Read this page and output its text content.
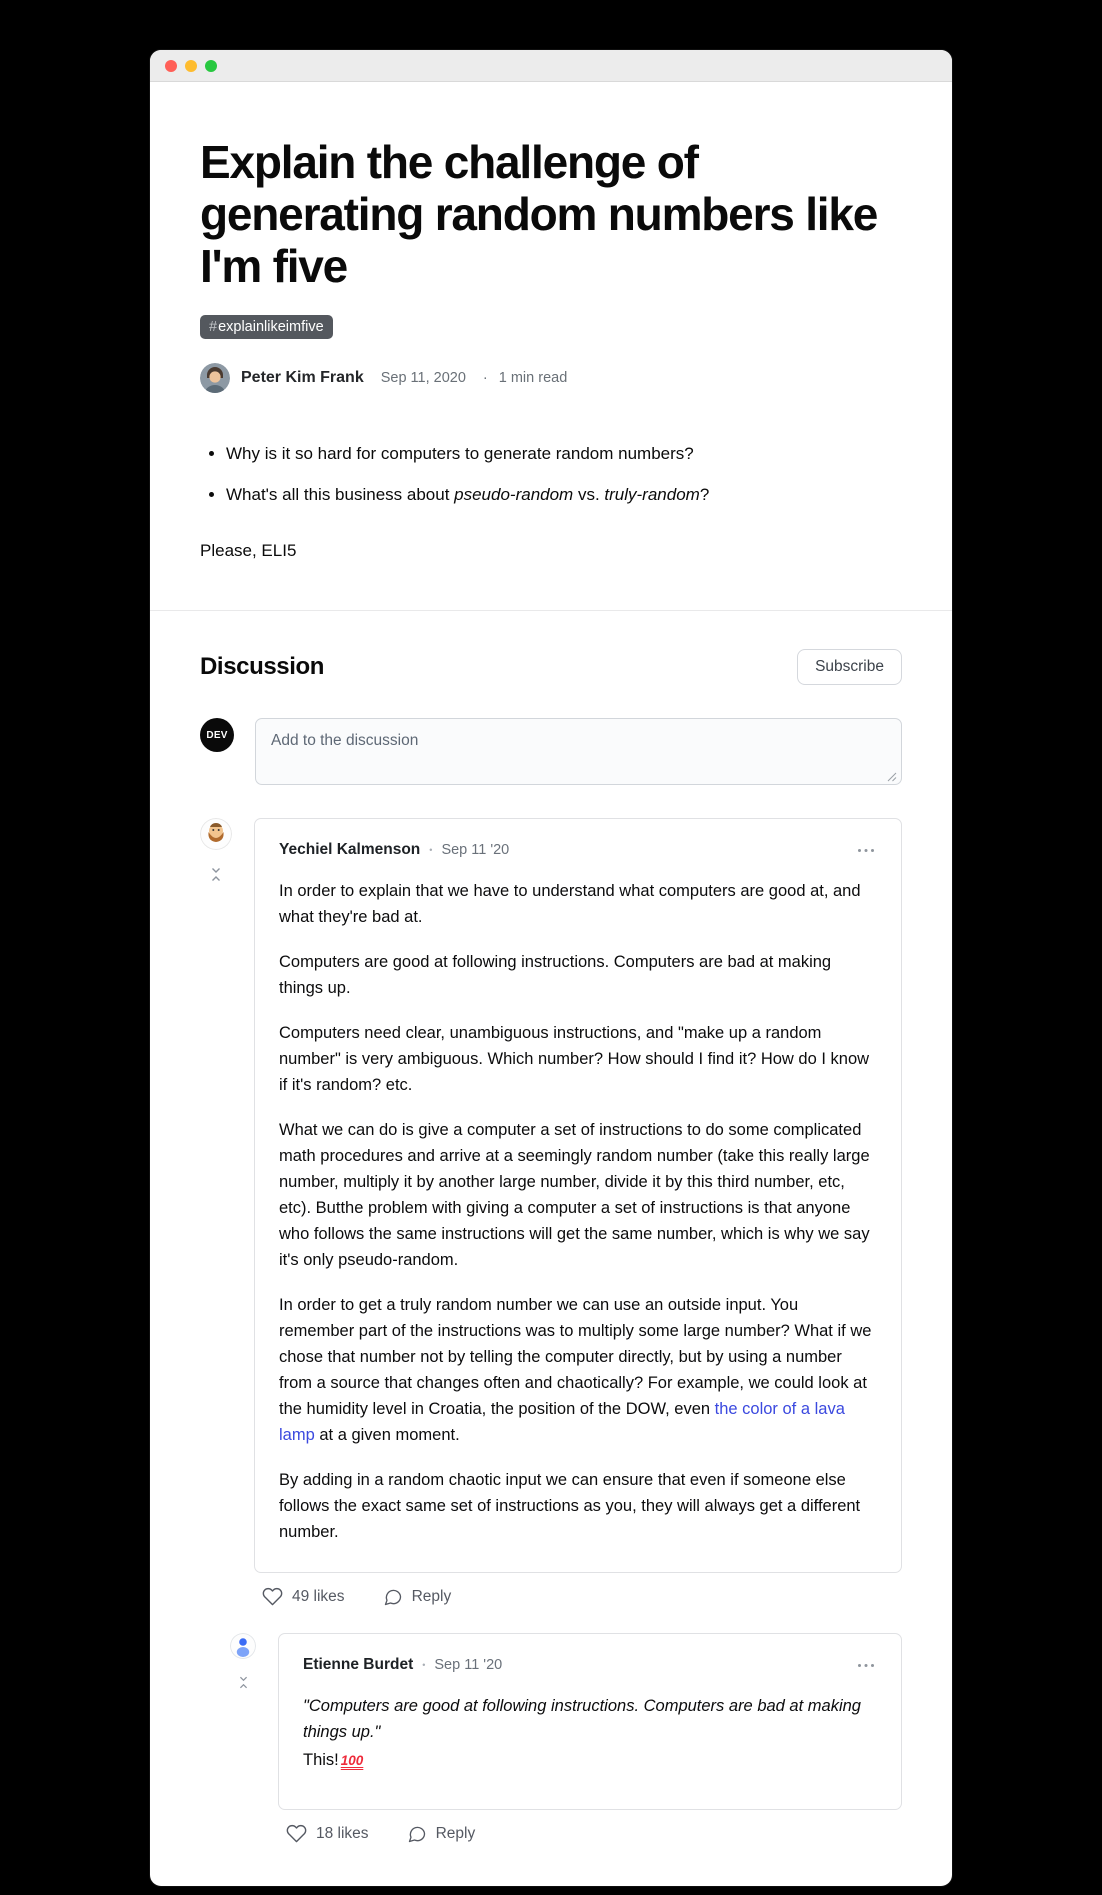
Explain the challenge of generating random numbers like I'm five
#explainlikeimfive
Peter Kim Frank Sep 11, 2020 · 1 min read
• Why is it so hard for computers to generate random numbers?
• What's all this business about pseudo-random vs. truly-random?

Please, ELI5

Discussion	Subscribe
DEV
Add to the discussion
Yechiel Kalmenson • Sep 11 '20

In order to explain that we have to understand what computers are good at, and what they're bad at.

Computers are good at following instructions. Computers are bad at making things up.

Computers need clear, unambiguous instructions, and "make up a random number" is very ambiguous. Which number? How should I find it? How do I know if it's random? etc.

What we can do is give a computer a set of instructions to do some complicated math procedures and arrive at a seemingly random number (take this really large number, multiply it by another large number, divide it by this third number, etc, etc). Butthe problem with giving a computer a set of instructions is that anyone who follows the same instructions will get the same number, which is why we say it's only pseudo-random.

In order to get a truly random number we can use an outside input. You remember part of the instructions was to multiply some large number? What if we chose that number not by telling the computer directly, but by using a number from a source that changes often and chaotically? For example, we could look at the humidity level in Croatia, the position of the DOW, even the color of a lava lamp at a given moment.

By adding in a random chaotic input we can ensure that even if someone else follows the exact same set of instructions as you, they will always get a different number.

49 likes	Reply
Etienne Burdet • Sep 11 '20

"Computers are good at following instructions. Computers are bad at making things up."

This! 100

18 likes	Reply
